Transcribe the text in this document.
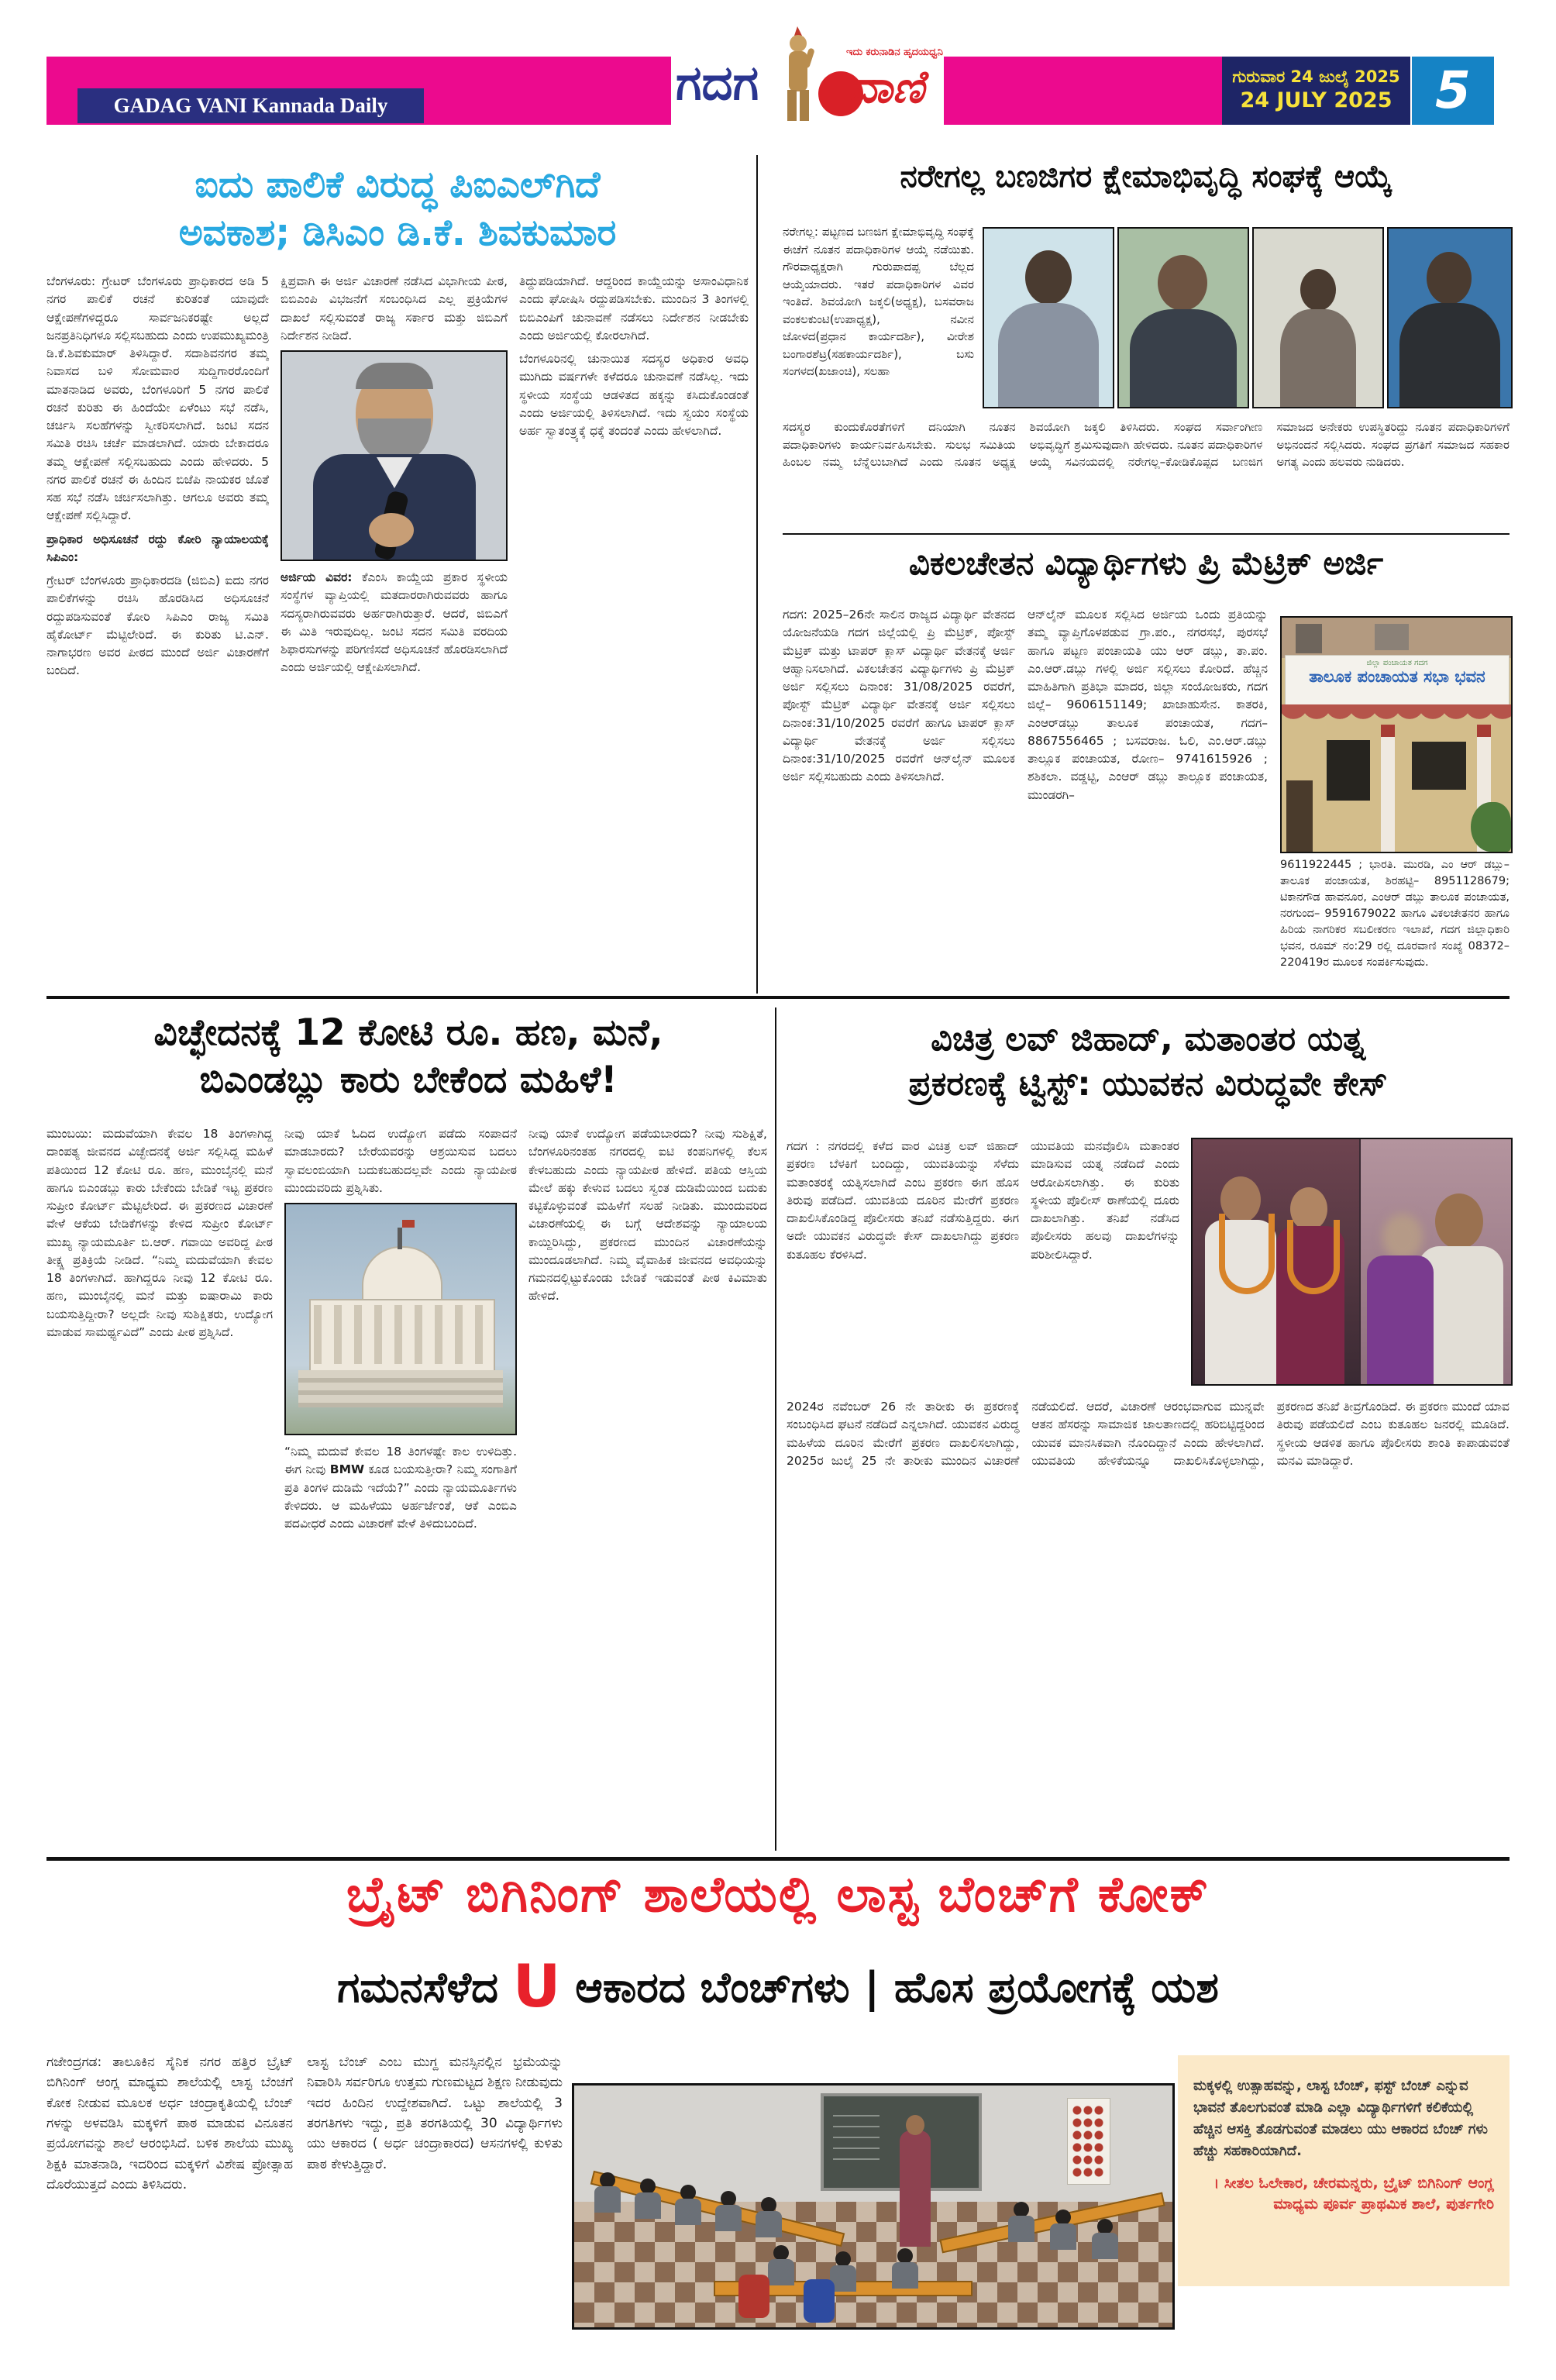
GADAG VANI Kannada Daily Morning
ಗದಗ
ಇದು ಕರುನಾಡಿನ ಹೃದಯಧ್ವನಿ
ವಾಣಿ	ಗುರುವಾರ 24 ಜುಲೈ 2025
24 JULY 2025 5
ಐದು ಪಾಲಿಕೆ ವಿರುದ್ಧ ಪಿಐಎಲ್‌ಗಿದೆ
ಅವಕಾಶ; ಡಿಸಿಎಂ ಡಿ.ಕೆ. ಶಿವಕುಮಾರ

ಬೆಂಗಳೂರು: ಗ್ರೇಟರ್ ಬೆಂಗಳೂರು ಪ್ರಾಧಿಕಾರದ ಅಡಿ 5 ನಗರ ಪಾಲಿಕೆ ರಚನೆ ಕುರಿತಂತೆ ಯಾವುದೇ ಆಕ್ಷೇಪಣೆಗಳಿದ್ದರೂ ಸಾರ್ವಜನಿಕರಷ್ಟೇ ಅಲ್ಲದೆ ಜನಪ್ರತಿನಿಧಿಗಳೂ ಸಲ್ಲಿಸಬಹುದು ಎಂದು ಉಪಮುಖ್ಯಮಂತ್ರಿ ಡಿ.ಕೆ.ಶಿವಕುಮಾರ್ ತಿಳಿಸಿದ್ದಾರೆ. ಸದಾಶಿವನಗರ ತಮ್ಮ ನಿವಾಸದ ಬಳಿ ಸೋಮವಾರ ಸುದ್ದಿಗಾರರೊಂದಿಗೆ ಮಾತನಾಡಿದ ಅವರು, ಬೆಂಗಳೂರಿಗೆ 5 ನಗರ ಪಾಲಿಕೆ ರಚನೆ ಕುರಿತು ಈ ಹಿಂದೆಯೇ ಏಳೆಂಟು ಸಭೆ ನಡೆಸಿ, ಚರ್ಚಿಸಿ ಸಲಹೆಗಳನ್ನು ಸ್ವೀಕರಿಸಲಾಗಿದೆ. ಜಂಟಿ ಸದನ ಸಮಿತಿ ರಚಿಸಿ ಚರ್ಚೆ ಮಾಡಲಾಗಿದೆ. ಯಾರು ಬೇಕಾದರೂ ತಮ್ಮ ಆಕ್ಷೇಪಣೆ ಸಲ್ಲಿಸಬಹುದು ಎಂದು ಹೇಳಿದರು. 5 ನಗರ ಪಾಲಿಕೆ ರಚನೆ ಈ ಹಿಂದಿನ ಬಿಜೆಪಿ ನಾಯಕರ ಜೊತೆ ಸಹ ಸಭೆ ನಡೆಸಿ ಚರ್ಚಿಸಲಾಗಿತ್ತು. ಆಗಲೂ ಅವರು ತಮ್ಮ ಆಕ್ಷೇಪಣೆ ಸಲ್ಲಿಸಿದ್ದಾರೆ.

ಪ್ರಾಧಿಕಾರ ಅಧಿಸೂಚನೆ ರದ್ದು ಕೋರಿ ನ್ಯಾಯಾಲಯಕ್ಕೆ ಸಿಪಿಎಂ:

ಗ್ರೇಟರ್ ಬೆಂಗಳೂರು ಪ್ರಾಧಿಕಾರದಡಿ (ಜಿಬಿಎ) ಐದು ನಗರ ಪಾಲಿಕೆಗಳನ್ನು ರಚಿಸಿ ಹೊರಡಿಸಿದ ಅಧಿಸೂಚನೆ ರದ್ದುಪಡಿಸುವಂತೆ ಕೋರಿ ಸಿಪಿಎಂ ರಾಜ್ಯ ಸಮಿತಿ ಹೈಕೋರ್ಟ್ ಮೆಟ್ಟಿಲೇರಿದೆ. ಈ ಕುರಿತು ಟಿ.ಎನ್. ನಾಗಾಭರಣ ಅವರ ಪೀಠದ ಮುಂದೆ ಅರ್ಜಿ ವಿಚಾರಣೆಗೆ ಬಂದಿದೆ.

ಕ್ಷಿಪ್ರವಾಗಿ ಈ ಅರ್ಜಿ ವಿಚಾರಣೆ ನಡೆಸಿದ ವಿಭಾಗೀಯ ಪೀಠ, ಬಿಬಿಎಂಪಿ ವಿಭಜನೆಗೆ ಸಂಬಂಧಿಸಿದ ಎಲ್ಲ ಪ್ರಕ್ರಿಯೆಗಳ ದಾಖಲೆ ಸಲ್ಲಿಸುವಂತೆ ರಾಜ್ಯ ಸರ್ಕಾರ ಮತ್ತು ಜಿಬಿಎಗೆ ನಿರ್ದೇಶನ ನೀಡಿದೆ.

ಅರ್ಜಿಯ ವಿವರ: ಕೆಎಂಸಿ ಕಾಯ್ದೆಯ ಪ್ರಕಾರ ಸ್ಥಳೀಯ ಸಂಸ್ಥೆಗಳ ವ್ಯಾಪ್ತಿಯಲ್ಲಿ ಮತದಾರರಾಗಿರುವವರು ಹಾಗೂ ಸದಸ್ಯರಾಗಿರುವವರು ಅರ್ಹರಾಗಿರುತ್ತಾರೆ. ಆದರೆ, ಜಿಬಿಎಗೆ ಈ ಮಿತಿ ಇರುವುದಿಲ್ಲ. ಜಂಟಿ ಸದನ ಸಮಿತಿ ವರದಿಯ ಶಿಫಾರಸುಗಳನ್ನು ಪರಿಗಣಿಸದೆ ಅಧಿಸೂಚನೆ ಹೊರಡಿಸಲಾಗಿದೆ ಎಂದು ಅರ್ಜಿಯಲ್ಲಿ ಆಕ್ಷೇಪಿಸಲಾಗಿದೆ.

ತಿದ್ದುಪಡಿಯಾಗಿದೆ. ಆದ್ದರಿಂದ ಕಾಯ್ದೆಯನ್ನು ಅಸಾಂವಿಧಾನಿಕ ಎಂದು ಘೋಷಿಸಿ ರದ್ದುಪಡಿಸಬೇಕು. ಮುಂದಿನ 3 ತಿಂಗಳಲ್ಲಿ ಬಿಬಿಎಂಪಿಗೆ ಚುನಾವಣೆ ನಡೆಸಲು ನಿರ್ದೇಶನ ನೀಡಬೇಕು ಎಂದು ಅರ್ಜಿಯಲ್ಲಿ ಕೋರಲಾಗಿದೆ.

ಬೆಂಗಳೂರಿನಲ್ಲಿ ಚುನಾಯಿತ ಸದಸ್ಯರ ಅಧಿಕಾರ ಅವಧಿ ಮುಗಿದು ವರ್ಷಗಳೇ ಕಳೆದರೂ ಚುನಾವಣೆ ನಡೆಸಿಲ್ಲ. ಇದು ಸ್ಥಳೀಯ ಸಂಸ್ಥೆಯ ಆಡಳಿತದ ಹಕ್ಕನ್ನು ಕಸಿದುಕೊಂಡಂತೆ ಎಂದು ಅರ್ಜಿಯಲ್ಲಿ ತಿಳಿಸಲಾಗಿದೆ. ಇದು ಸ್ವಯಂ ಸಂಸ್ಥೆಯ ಅರ್ಹ ಸ್ವಾತಂತ್ರ್ಯಕ್ಕೆ ಧಕ್ಕೆ ತಂದಂತೆ ಎಂದು ಹೇಳಲಾಗಿದೆ.

ನರೇಗಲ್ಲ ಬಣಜಿಗರ ಕ್ಷೇಮಾಭಿವೃದ್ಧಿ ಸಂಘಕ್ಕೆ ಆಯ್ಕೆ

ನರೇಗಲ್ಲ: ಪಟ್ಟಣದ ಬಣಜಿಗ ಕ್ಷೇಮಾಭಿವೃದ್ಧಿ ಸಂಘಕ್ಕೆ ಈಚೆಗೆ ನೂತನ ಪದಾಧಿಕಾರಿಗಳ ಆಯ್ಕೆ ನಡೆಯಿತು. ಗೌರವಾಧ್ಯಕ್ಷರಾಗಿ ಗುರುಪಾದಪ್ಪ ಬೆಲ್ಲದ ಆಯ್ಕೆಯಾದರು. ಇತರೆ ಪದಾಧಿಕಾರಿಗಳ ವಿವರ ಇಂತಿದೆ. ಶಿವಯೋಗಿ ಜಕ್ಕಲಿ(ಅಧ್ಯಕ್ಷ), ಬಸವರಾಜ ವಂಕಲಕುಂಟಿ(ಉಪಾಧ್ಯಕ್ಷ), ನವೀನ ಜೋಳದ(ಪ್ರಧಾನ ಕಾರ್ಯದರ್ಶಿ), ವೀರೇಶ ಬಂಗಾರಶೆಟ್ರ(ಸಹಕಾರ್ಯದರ್ಶಿ), ಬಸು ಸಂಗಳದ(ಖಜಾಂಚಿ), ಸಲಹಾ

ಸದಸ್ಯರ ಕುಂದುಕೊರತೆಗಳಿಗೆ ದನಿಯಾಗಿ ನೂತನ ಪದಾಧಿಕಾರಿಗಳು ಕಾರ್ಯನಿರ್ವಹಿಸಬೇಕು. ಸುಲಭ ಸಮಿತಿಯ ಹಿಂಬಲ ನಮ್ಮ ಬೆನ್ನೆಲುಬಾಗಿದೆ ಎಂದು ನೂತನ ಅಧ್ಯಕ್ಷ ಶಿವಯೋಗಿ ಜಕ್ಕಲಿ ತಿಳಿಸಿದರು. ಸಂಘದ ಸರ್ವಾಂಗೀಣ ಅಭಿವೃದ್ಧಿಗೆ ಶ್ರಮಿಸುವುದಾಗಿ ಹೇಳಿದರು. ನೂತನ ಪದಾಧಿಕಾರಿಗಳ ಆಯ್ಕೆ ಸವಿನಯದಲ್ಲಿ ನರೇಗಲ್ಲ–ಕೋಡಿಕೊಪ್ಪದ ಬಣಜಿಗ ಸಮಾಜದ ಅನೇಕರು ಉಪಸ್ಥಿತರಿದ್ದು ನೂತನ ಪದಾಧಿಕಾರಿಗಳಿಗೆ ಅಭಿನಂದನೆ ಸಲ್ಲಿಸಿದರು. ಸಂಘದ ಪ್ರಗತಿಗೆ ಸಮಾಜದ ಸಹಕಾರ ಅಗತ್ಯ ಎಂದು ಹಲವರು ನುಡಿದರು.

ವಿಕಲಚೇತನ ವಿದ್ಯಾರ್ಥಿಗಳು ಪ್ರಿ ಮೆಟ್ರಿಕ್ ಅರ್ಜಿ

ಗದಗ: 2025–26ನೇ ಸಾಲಿನ ರಾಜ್ಯದ ವಿದ್ಯಾರ್ಥಿ ವೇತನದ ಯೋಜನೆಯಡಿ ಗದಗ ಜಿಲ್ಲೆಯಲ್ಲಿ ಪ್ರಿ ಮೆಟ್ರಿಕ್, ಪೋಸ್ಟ್ ಮೆಟ್ರಿಕ್ ಮತ್ತು ಟಾಪರ್ ಕ್ಲಾಸ್ ವಿದ್ಯಾರ್ಥಿ ವೇತನಕ್ಕೆ ಅರ್ಜಿ ಆಹ್ವಾನಿಸಲಾಗಿದೆ. ವಿಕಲಚೇತನ ವಿದ್ಯಾರ್ಥಿಗಳು ಪ್ರಿ ಮೆಟ್ರಿಕ್ ಅರ್ಜಿ ಸಲ್ಲಿಸಲು ದಿನಾಂಕ: 31/08/2025 ರವರೆಗೆ, ಪೋಸ್ಟ್ ಮೆಟ್ರಿಕ್ ವಿದ್ಯಾರ್ಥಿ ವೇತನಕ್ಕೆ ಅರ್ಜಿ ಸಲ್ಲಿಸಲು ದಿನಾಂಕ:31/10/2025 ರವರೆಗೆ ಹಾಗೂ ಟಾಪರ್ ಕ್ಲಾಸ್ ವಿದ್ಯಾರ್ಥಿ ವೇತನಕ್ಕೆ ಅರ್ಜಿ ಸಲ್ಲಿಸಲು ದಿನಾಂಕ:31/10/2025 ರವರೆಗೆ ಆನ್‌ಲೈನ್ ಮೂಲಕ ಅರ್ಜಿ ಸಲ್ಲಿಸಬಹುದು ಎಂದು ತಿಳಿಸಲಾಗಿದೆ.

ಆನ್‌ಲೈನ್ ಮೂಲಕ ಸಲ್ಲಿಸಿದ ಅರ್ಜಿಯ ಒಂದು ಪ್ರತಿಯನ್ನು ತಮ್ಮ ವ್ಯಾಪ್ತಿಗೊಳಪಡುವ ಗ್ರಾ.ಪಂ., ನಗರಸಭೆ, ಪುರಸಭೆ ಹಾಗೂ ಪಟ್ಟಣ ಪಂಚಾಯತಿ ಯು ಆರ್ ಡಬ್ಲು, ತಾ.ಪಂ. ಎಂ.ಆರ್.ಡಬ್ಲು ಗಳಲ್ಲಿ ಅರ್ಜಿ ಸಲ್ಲಿಸಲು ಕೋರಿದೆ. ಹೆಚ್ಚಿನ ಮಾಹಿತಿಗಾಗಿ ಪ್ರತಿಭಾ ಮಾದರ, ಜಿಲ್ಲಾ ಸಂಯೋಜಕರು, ಗದಗ ಜಿಲ್ಲೆ– 9606151149; ಖಾಜಾಹುಸೇನ. ಕಾತರಕಿ, ಎಂಆರ್‌ಡಬ್ಲು ತಾಲೂಕ ಪಂಚಾಯತ, ಗದಗ– 8867556465 ; ಬಸವರಾಜ. ಓಲಿ, ಎಂ.ಆರ್.ಡಬ್ಲು ತಾಲ್ಲೂಕ ಪಂಚಾಯತ, ರೋಣ– 9741615926 ; ಶಶಿಕಲಾ. ವಡ್ಡಟ್ಟಿ, ಎಂಆರ್ ಡಬ್ಲು ತಾಲ್ಲೂಕ ಪಂಚಾಯತ, ಮುಂಡರಗಿ–

ಜಿಲ್ಲಾ ಪಂಚಾಯತ ಗದಗ
ತಾಲೂಕ ಪಂಚಾಯತ ಸಭಾ ಭವನ

9611922445 ; ಭಾರತಿ. ಮುರಡಿ, ಎಂ ಆರ್ ಡಬ್ಲು– ತಾಲೂಕ ಪಂಚಾಯತ, ಶಿರಹಟ್ಟಿ– 8951128679; ಟಿಕಾನಗೌಡ ಹಾವನೂರ, ಎಂಆರ್ ಡಬ್ಲು ತಾಲೂಕ ಪಂಚಾಯತ, ನರಗುಂದ– 9591679022 ಹಾಗೂ ವಿಕಲಚೇತನರ ಹಾಗೂ ಹಿರಿಯ ನಾಗರಿಕರ ಸಬಲೀಕರಣ ಇಲಾಖೆ, ಗದಗ ಜಿಲ್ಲಾಧಿಕಾರಿ ಭವನ, ರೂಮ್ ನಂ:29 ರಲ್ಲಿ ದೂರವಾಣಿ ಸಂಖ್ಯೆ 08372–220419ರ ಮೂಲಕ ಸಂಪರ್ಕಿಸುವುದು.

ವಿಚ್ಛೇದನಕ್ಕೆ 12 ಕೋಟಿ ರೂ. ಹಣ, ಮನೆ,
ಬಿಎಂಡಬ್ಲು ಕಾರು ಬೇಕೆಂದ ಮಹಿಳೆ!

ಮುಂಬಯಿ: ಮದುವೆಯಾಗಿ ಕೇವಲ 18 ತಿಂಗಳಾಗಿದ್ದ ದಾಂಪತ್ಯ ಜೀವನದ ವಿಚ್ಛೇದನಕ್ಕೆ ಅರ್ಜಿ ಸಲ್ಲಿಸಿದ್ದ ಮಹಿಳೆ ಪತಿಯಿಂದ 12 ಕೋಟಿ ರೂ. ಹಣ, ಮುಂಬೈನಲ್ಲಿ ಮನೆ ಹಾಗೂ ಬಿಎಂಡಬ್ಲು ಕಾರು ಬೇಕೆಂದು ಬೇಡಿಕೆ ಇಟ್ಟ ಪ್ರಕರಣ ಸುಪ್ರೀಂ ಕೋರ್ಟ್ ಮೆಟ್ಟಿಲೇರಿದೆ. ಈ ಪ್ರಕರಣದ ವಿಚಾರಣೆ ವೇಳೆ ಆಕೆಯ ಬೇಡಿಕೆಗಳನ್ನು ಕೇಳಿದ ಸುಪ್ರೀಂ ಕೋರ್ಟ್ ಮುಖ್ಯ ನ್ಯಾಯಮೂರ್ತಿ ಬಿ.ಆರ್. ಗವಾಯಿ ಅವರಿದ್ದ ಪೀಠ ತೀಕ್ಷ್ಣ ಪ್ರತಿಕ್ರಿಯೆ ನೀಡಿದೆ. “ನಿಮ್ಮ ಮದುವೆಯಾಗಿ ಕೇವಲ 18 ತಿಂಗಳಾಗಿದೆ. ಹಾಗಿದ್ದರೂ ನೀವು 12 ಕೋಟಿ ರೂ. ಹಣ, ಮುಂಬೈನಲ್ಲಿ ಮನೆ ಮತ್ತು ಐಷಾರಾಮಿ ಕಾರು ಬಯಸುತ್ತಿದ್ದೀರಾ? ಅಲ್ಲದೇ ನೀವು ಸುಶಿಕ್ಷಿತರು, ಉದ್ಯೋಗ ಮಾಡುವ ಸಾಮರ್ಥ್ಯವಿದೆ” ಎಂದು ಪೀಠ ಪ್ರಶ್ನಿಸಿದೆ.

ನೀವು ಯಾಕೆ ಓದಿದ ಉದ್ಯೋಗ ಪಡೆದು ಸಂಪಾದನೆ ಮಾಡಬಾರದು? ಬೇರೆಯವರನ್ನು ಆಶ್ರಯಿಸುವ ಬದಲು ಸ್ವಾವಲಂಬಿಯಾಗಿ ಬದುಕಬಹುದಲ್ಲವೇ ಎಂದು ನ್ಯಾಯಪೀಠ ಮುಂದುವರಿದು ಪ್ರಶ್ನಿಸಿತು.

“ನಿಮ್ಮ ಮದುವೆ ಕೇವಲ 18 ತಿಂಗಳಷ್ಟೇ ಕಾಲ ಉಳಿದಿತ್ತು. ಈಗ ನೀವು BMW ಕೂಡ ಬಯಸುತ್ತೀರಾ? ನಿಮ್ಮ ಸಂಗಾತಿಗೆ ಪ್ರತಿ ತಿಂಗಳ ದುಡಿಮೆ ಇದೆಯೆ?” ಎಂದು ನ್ಯಾಯಮೂರ್ತಿಗಳು ಕೇಳಿದರು. ಆ ಮಹಿಳೆಯು ಅರ್ಹರ್ಜೆಂತೆ, ಆಕೆ ಎಂಬಿಎ ಪದವೀಧರೆ ಎಂದು ವಿಚಾರಣೆ ವೇಳೆ ತಿಳಿದುಬಂದಿದೆ.

ನೀವು ಯಾಕೆ ಉದ್ಯೋಗ ಪಡೆಯಬಾರದು? ನೀವು ಸುಶಿಕ್ಷಿತೆ, ಬೆಂಗಳೂರಿನಂತಹ ನಗರದಲ್ಲಿ ಐಟಿ ಕಂಪನಿಗಳಲ್ಲಿ ಕೆಲಸ ಕೇಳಬಹುದು ಎಂದು ನ್ಯಾಯಪೀಠ ಹೇಳಿದೆ. ಪತಿಯ ಆಸ್ತಿಯ ಮೇಲೆ ಹಕ್ಕು ಕೇಳುವ ಬದಲು ಸ್ವಂತ ದುಡಿಮೆಯಿಂದ ಬದುಕು ಕಟ್ಟಿಕೊಳ್ಳುವಂತೆ ಮಹಿಳೆಗೆ ಸಲಹೆ ನೀಡಿತು. ಮುಂದುವರಿದ ವಿಚಾರಣೆಯಲ್ಲಿ ಈ ಬಗ್ಗೆ ಆದೇಶವನ್ನು ನ್ಯಾಯಾಲಯ ಕಾಯ್ದಿರಿಸಿದ್ದು, ಪ್ರಕರಣದ ಮುಂದಿನ ವಿಚಾರಣೆಯನ್ನು ಮುಂದೂಡಲಾಗಿದೆ. ನಿಮ್ಮ ವೈವಾಹಿಕ ಜೀವನದ ಅವಧಿಯನ್ನು ಗಮನದಲ್ಲಿಟ್ಟುಕೊಂಡು ಬೇಡಿಕೆ ಇಡುವಂತೆ ಪೀಠ ಕಿವಿಮಾತು ಹೇಳಿದೆ.

ವಿಚಿತ್ರ ಲವ್ ಜಿಹಾದ್, ಮತಾಂತರ ಯತ್ನ
ಪ್ರಕರಣಕ್ಕೆ ಟ್ವಿಸ್ಟ್: ಯುವಕನ ವಿರುದ್ಧವೇ ಕೇಸ್

ಗದಗ : ನಗರದಲ್ಲಿ ಕಳೆದ ವಾರ ವಿಚಿತ್ರ ಲವ್ ಜಿಹಾದ್ ಪ್ರಕರಣ ಬೆಳಕಿಗೆ ಬಂದಿದ್ದು, ಯುವತಿಯನ್ನು ಸೆಳೆದು ಮತಾಂತರಕ್ಕೆ ಯತ್ನಿಸಲಾಗಿದೆ ಎಂಬ ಪ್ರಕರಣ ಈಗ ಹೊಸ ತಿರುವು ಪಡೆದಿದೆ. ಯುವತಿಯ ದೂರಿನ ಮೇರೆಗೆ ಪ್ರಕರಣ ದಾಖಲಿಸಿಕೊಂಡಿದ್ದ ಪೊಲೀಸರು ತನಿಖೆ ನಡೆಸುತ್ತಿದ್ದರು. ಈಗ ಅದೇ ಯುವಕನ ವಿರುದ್ಧವೇ ಕೇಸ್ ದಾಖಲಾಗಿದ್ದು ಪ್ರಕರಣ ಕುತೂಹಲ ಕೆರಳಿಸಿದೆ.

ಯುವತಿಯ ಮನವೊಲಿಸಿ ಮತಾಂತರ ಮಾಡಿಸುವ ಯತ್ನ ನಡೆದಿದೆ ಎಂದು ಆರೋಪಿಸಲಾಗಿತ್ತು. ಈ ಕುರಿತು ಸ್ಥಳೀಯ ಪೊಲೀಸ್ ಠಾಣೆಯಲ್ಲಿ ದೂರು ದಾಖಲಾಗಿತ್ತು. ತನಿಖೆ ನಡೆಸಿದ ಪೊಲೀಸರು ಹಲವು ದಾಖಲೆಗಳನ್ನು ಪರಿಶೀಲಿಸಿದ್ದಾರೆ.

2024ರ ನವೆಂಬರ್ 26 ನೇ ತಾರೀಕು ಈ ಪ್ರಕರಣಕ್ಕೆ ಸಂಬಂಧಿಸಿದ ಘಟನೆ ನಡೆದಿದೆ ಎನ್ನಲಾಗಿದೆ. ಯುವಕನ ವಿರುದ್ಧ ಮಹಿಳೆಯ ದೂರಿನ ಮೇರೆಗೆ ಪ್ರಕರಣ ದಾಖಲಿಸಲಾಗಿದ್ದು, 2025ರ ಜುಲೈ 25 ನೇ ತಾರೀಕು ಮುಂದಿನ ವಿಚಾರಣೆ ನಡೆಯಲಿದೆ. ಆದರೆ, ವಿಚಾರಣೆ ಆರಂಭವಾಗುವ ಮುನ್ನವೇ ಆತನ ಹೆಸರನ್ನು ಸಾಮಾಜಿಕ ಜಾಲತಾಣದಲ್ಲಿ ಹರಿಬಿಟ್ಟಿದ್ದರಿಂದ ಯುವಕ ಮಾನಸಿಕವಾಗಿ ನೊಂದಿದ್ದಾನೆ ಎಂದು ಹೇಳಲಾಗಿದೆ. ಯುವತಿಯ ಹೇಳಿಕೆಯನ್ನೂ ದಾಖಲಿಸಿಕೊಳ್ಳಲಾಗಿದ್ದು, ಪ್ರಕರಣದ ತನಿಖೆ ತೀವ್ರಗೊಂಡಿದೆ. ಈ ಪ್ರಕರಣ ಮುಂದೆ ಯಾವ ತಿರುವು ಪಡೆಯಲಿದೆ ಎಂಬ ಕುತೂಹಲ ಜನರಲ್ಲಿ ಮೂಡಿದೆ. ಸ್ಥಳೀಯ ಆಡಳಿತ ಹಾಗೂ ಪೊಲೀಸರು ಶಾಂತಿ ಕಾಪಾಡುವಂತೆ ಮನವಿ ಮಾಡಿದ್ದಾರೆ.

ಬ್ರೈಟ್ ಬಿಗಿನಿಂಗ್ ಶಾಲೆಯಲ್ಲಿ ಲಾಸ್ಟ ಬೆಂಚ್‌ಗೆ ಕೋಕ್
ಗಮನಸೆಳೆದ U ಆಕಾರದ ಬೆಂಚ್‌ಗಳು | ಹೊಸ ಪ್ರಯೋಗಕ್ಕೆ ಯಶ

ಗಜೇಂದ್ರಗಡ: ತಾಲೂಕಿನ ಸೈನಿಕ ನಗರ ಹತ್ತಿರ ಬ್ರೈಟ್ ಬಿಗಿನಿಂಗ್ ಆಂಗ್ಲ ಮಾಧ್ಯಮ ಶಾಲೆಯಲ್ಲಿ ಲಾಸ್ಟ ಬೆಂಚಗೆ ಕೋಕ ನೀಡುವ ಮೂಲಕ ಅರ್ಧ ಚಂದ್ರಾಕೃತಿಯಲ್ಲಿ ಬೆಂಚ್ ಗಳನ್ನು ಅಳವಡಿಸಿ ಮಕ್ಕಳಿಗೆ ಪಾಠ ಮಾಡುವ ವಿನೂತನ ಪ್ರಯೋಗವನ್ನು ಶಾಲೆ ಆರಂಭಿಸಿದೆ. ಬಳಿಕ ಶಾಲೆಯ ಮುಖ್ಯ ಶಿಕ್ಷಕಿ ಮಾತನಾಡಿ, ಇದರಿಂದ ಮಕ್ಕಳಿಗೆ ವಿಶೇಷ ಪ್ರೋತ್ಸಾಹ ದೊರೆಯುತ್ತದೆ ಎಂದು ತಿಳಿಸಿದರು.

ಲಾಸ್ಟ ಬೆಂಚ್ ಎಂಬ ಮುಗ್ದ ಮನಸ್ಸಿನಲ್ಲಿನ ಭ್ರಮೆಯನ್ನು ನಿವಾರಿಸಿ ಸರ್ವರಿಗೂ ಉತ್ತಮ ಗುಣಮಟ್ಟದ ಶಿಕ್ಷಣ ನೀಡುವುದು ಇದರ ಹಿಂದಿನ ಉದ್ದೇಶವಾಗಿದೆ. ಒಟ್ಟು ಶಾಲೆಯಲ್ಲಿ 3 ತರಗತಿಗಳು ಇದ್ದು, ಪ್ರತಿ ತರಗತಿಯಲ್ಲಿ 30 ವಿದ್ಯಾರ್ಥಿಗಳು ಯು ಆಕಾರದ ( ಅರ್ಧ ಚಂದ್ರಾಕಾರದ) ಆಸನಗಳಲ್ಲಿ ಕುಳಿತು ಪಾಠ ಕೇಳುತ್ತಿದ್ದಾರೆ.

ಮಕ್ಕಳಲ್ಲಿ ಉತ್ಸಾಹವನ್ನು, ಲಾಸ್ಟ ಬೆಂಚ್, ಫಸ್ಟ್ ಬೆಂಚ್ ಎನ್ನುವ ಭಾವನೆ ತೊಲಗುವಂತೆ ಮಾಡಿ ಎಲ್ಲಾ ವಿದ್ಯಾರ್ಥಿಗಳಿಗೆ ಕಲಿಕೆಯಲ್ಲಿ ಹೆಚ್ಚಿನ ಆಸಕ್ತಿ ತೊಡಗುವಂತೆ ಮಾಡಲು ಯು ಆಕಾರದ ಬೆಂಚ್ ಗಳು ಹೆಚ್ಚು ಸಹಕಾರಿಯಾಗಿದೆ.
। ಸೀತಲ ಓಲೇಕಾರ, ಚೇರಮನ್ನರು, ಬ್ರೈಟ್ ಬಿಗಿನಿಂಗ್ ಆಂಗ್ಲ ಮಾಧ್ಯಮ ಪೂರ್ವ ಪ್ರಾಥಮಿಕ ಶಾಲೆ, ಪುರ್ತಗೇರಿ
